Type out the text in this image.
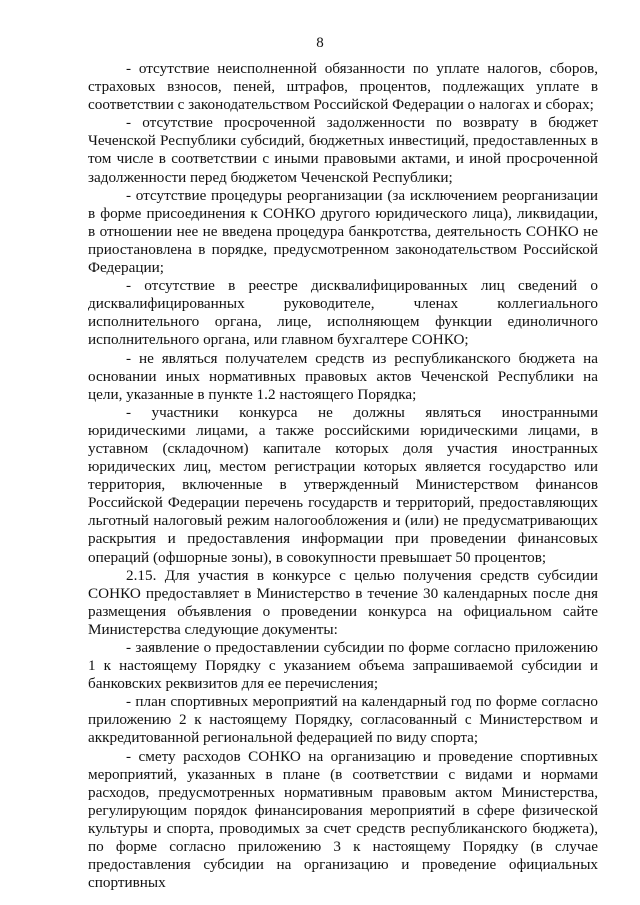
8

- отсутствие неисполненной обязанности по уплате налогов, сборов, страховых взносов, пеней, штрафов, процентов, подлежащих уплате в соответствии с законодательством Российской Федерации о налогах и сборах;

- отсутствие просроченной задолженности по возврату в бюджет Чеченской Республики субсидий, бюджетных инвестиций, предоставленных в том числе в соответствии с иными правовыми актами, и иной просроченной задолженности перед бюджетом Чеченской Республики;

- отсутствие процедуры реорганизации (за исключением реорганизации в форме присоединения к СОНКО другого юридического лица), ликвидации, в отношении нее не введена процедура банкротства, деятельность СОНКО не приостановлена в порядке, предусмотренном законодательством Российской Федерации;

- отсутствие в реестре дисквалифицированных лиц сведений о дисквалифицированных руководителе, членах коллегиального исполнительного органа, лице, исполняющем функции единоличного исполнительного органа, или главном бухгалтере СОНКО;

- не являться получателем средств из республиканского бюджета на основании иных нормативных правовых актов Чеченской Республики на цели, указанные в пункте 1.2 настоящего Порядка;

- участники конкурса не должны являться иностранными юридическими лицами, а также российскими юридическими лицами, в уставном (складочном) капитале которых доля участия иностранных юридических лиц, местом регистрации которых является государство или территория, включенные в утвержденный Министерством финансов Российской Федерации перечень государств и территорий, предоставляющих льготный налоговый режим налогообложения и (или) не предусматривающих раскрытия и предоставления информации при проведении финансовых операций (офшорные зоны), в совокупности превышает 50 процентов;

2.15. Для участия в конкурсе с целью получения средств субсидии СОНКО предоставляет в Министерство в течение 30 календарных после дня размещения объявления о проведении конкурса на официальном сайте Министерства следующие документы:

- заявление о предоставлении субсидии по форме согласно приложению 1 к настоящему Порядку с указанием объема запрашиваемой субсидии и банковских реквизитов для ее перечисления;

- план спортивных мероприятий на календарный год по форме согласно приложению 2 к настоящему Порядку, согласованный с Министерством и аккредитованной региональной федерацией по виду спорта;

- смету расходов СОНКО на организацию и проведение спортивных мероприятий, указанных в плане (в соответствии с видами и нормами расходов, предусмотренных нормативным правовым актом Министерства, регулирующим порядок финансирования мероприятий в сфере физической культуры и спорта, проводимых за счет средств республиканского бюджета), по форме согласно приложению 3 к настоящему Порядку (в случае предоставления субсидии на организацию и проведение официальных спортивных
